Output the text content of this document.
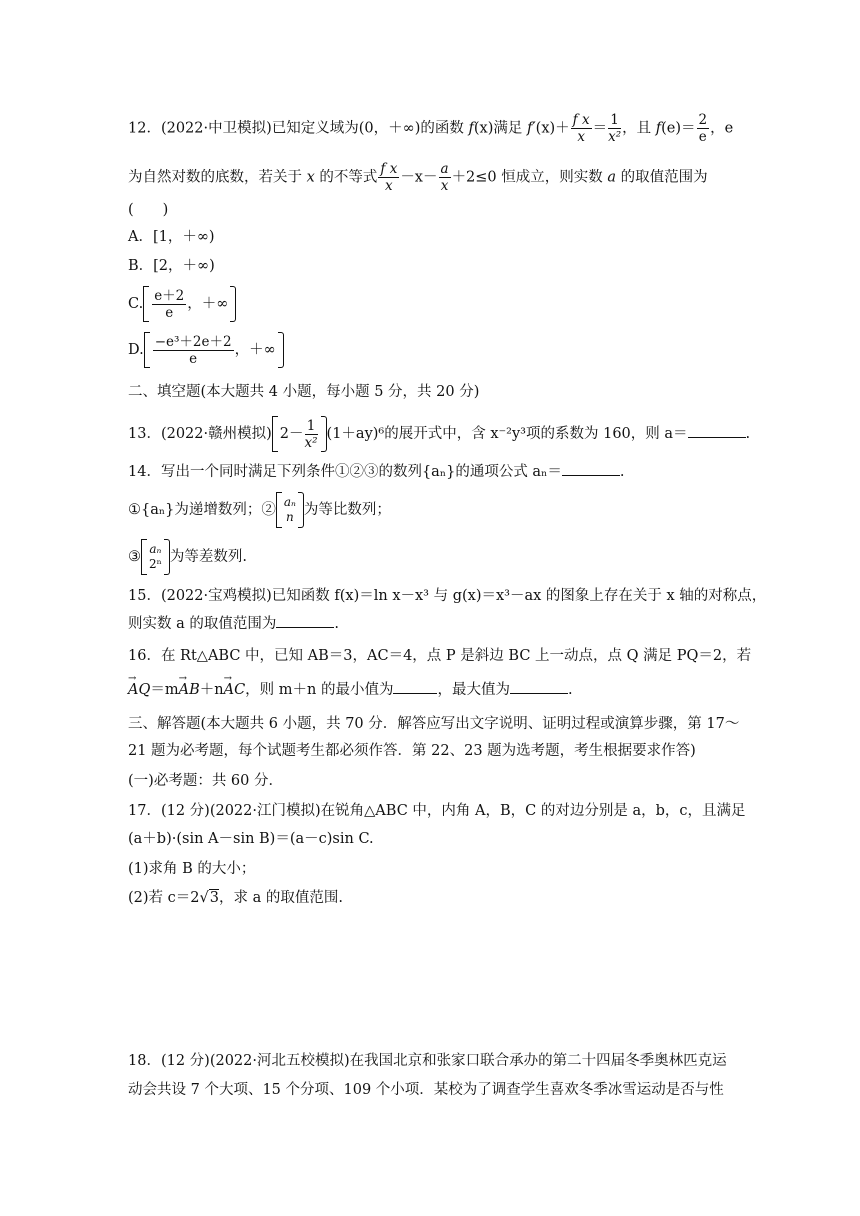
12．(2022·中卫模拟)已知定义域为(0，＋∞)的函数 f(x)满足 $f'(x)+ \frac{\text{f x}}{x} = \frac{1}{\text{x²}}$ ，且 $f(e)= \frac{2}{e}$ ，e
为自然对数的底数，若关于 x 的不等式 $\frac{\text{f x}}{x} -x- \frac{a}{x} +2\le 0$ 恒成立，则实数 a 的取值范围为
(　　)
A．[1，＋∞)
B．[2，＋∞)
C. $\frac{e+2}{e}$ ，＋∞
D. $\frac{\text{−e³＋2e＋2}}{e}$ ，＋∞
二、填空题(本大题共 4 小题，每小题 5 分，共 20 分)
13．(2022·赣州模拟) $2- \frac{1}{\text{x²}} (1+ay)^6$的展开式中，含 x⁻²y³项的系数为 160，则 a＝	.
14．写出一个同时满足下列条件①②③的数列{aₙ}的通项公式 aₙ＝	.
①{aₙ}为递增数列；② aₙ
n 为等比数列；
③ aₙ
2ⁿ 为等差数列.
15．(2022·宝鸡模拟)已知函数 f(x)＝ln x－x³ 与 g(x)＝x³－ax 的图象上存在关于 x 轴的对称点，
则实数 a 的取值范围为	.
16．在 Rt△ABC 中，已知 AB＝3，AC＝4，点 P 是斜边 BC 上一动点，点 Q 满足 PQ＝2，若
→ AQ＝m→ AB＋n→ AC，则 m＋n 的最小值为	，最大值为	.
三、解答题(本大题共 6 小题，共 70 分．解答应写出文字说明、证明过程或演算步骤，第 17～
21 题为必考题，每个试题考生都必须作答．第 22、23 题为选考题，考生根据要求作答)
(一)必考题：共 60 分．
17．(12 分)(2022·江门模拟)在锐角△ABC 中，内角 A，B，C 的对边分别是 a，b，c，且满足
(a＋b)·(sin A－sin B)＝(a－c)sin C.
(1)求角 B 的大小；
(2)若 c＝2√3，求 a 的取值范围.
18．(12 分)(2022·河北五校模拟)在我国北京和张家口联合承办的第二十四届冬季奥林匹克运
动会共设 7 个大项、15 个分项、109 个小项．某校为了调查学生喜欢冬季冰雪运动是否与性
